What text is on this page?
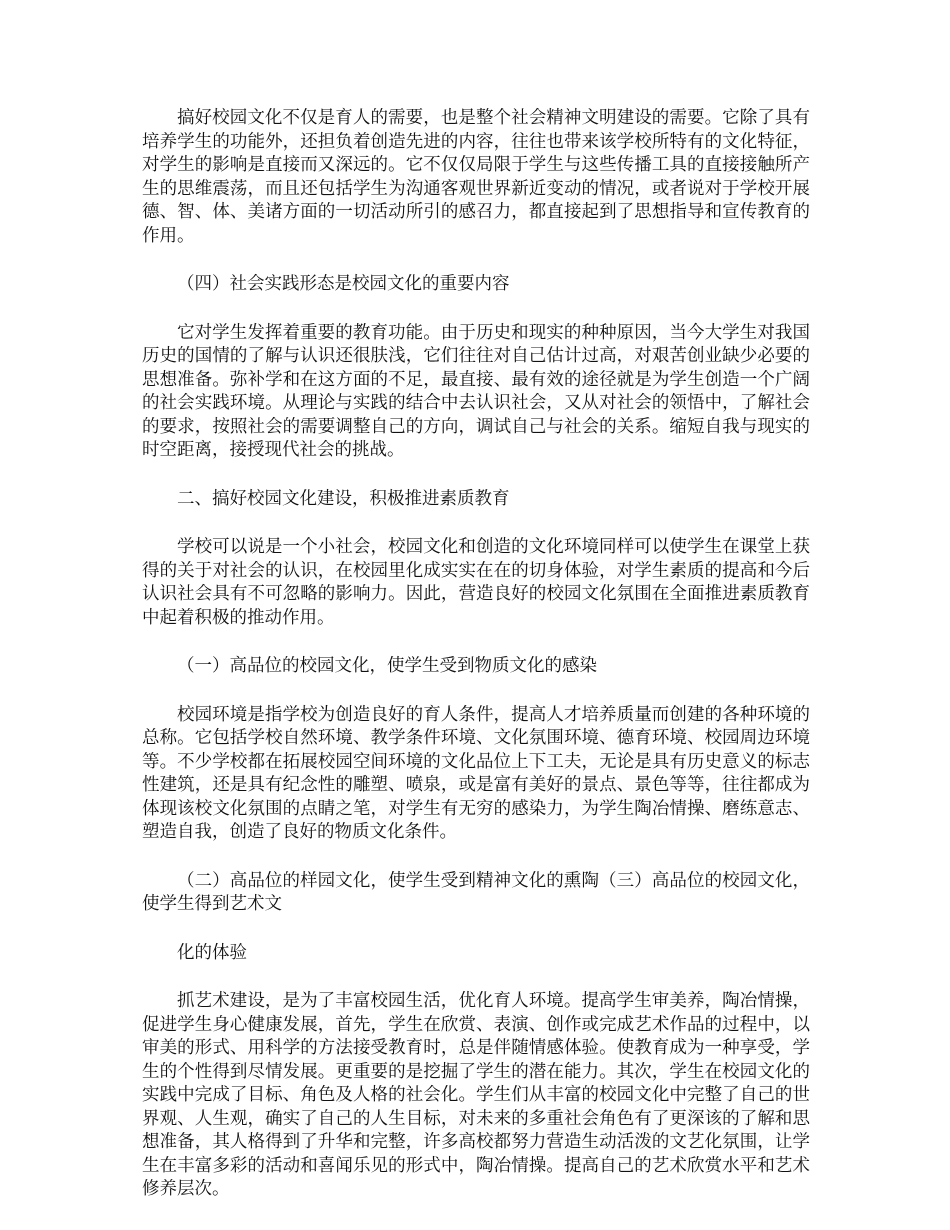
搞好校园文化不仅是育人的需要，也是整个社会精神文明建设的需要。它除了具有培养学生的功能外，还担负着创造先进的内容，往往也带来该学校所特有的文化特征，对学生的影响是直接而又深远的。它不仅仅局限于学生与这些传播工具的直接接触所产生的思维震荡，而且还包括学生为沟通客观世界新近变动的情况，或者说对于学校开展德、智、体、美诸方面的一切活动所引的感召力，都直接起到了思想指导和宣传教育的作用。

（四）社会实践形态是校园文化的重要内容

它对学生发挥着重要的教育功能。由于历史和现实的种种原因，当今大学生对我国历史的国情的了解与认识还很肤浅，它们往往对自己估计过高，对艰苦创业缺少必要的思想准备。弥补学和在这方面的不足，最直接、最有效的途径就是为学生创造一个广阔的社会实践环境。从理论与实践的结合中去认识社会，又从对社会的领悟中，了解社会的要求，按照社会的需要调整自己的方向，调试自己与社会的关系。缩短自我与现实的时空距离，接授现代社会的挑战。

二、搞好校园文化建设，积极推进素质教育

学校可以说是一个小社会，校园文化和创造的文化环境同样可以使学生在课堂上获得的关于对社会的认识，在校园里化成实实在在的切身体验，对学生素质的提高和今后认识社会具有不可忽略的影响力。因此，营造良好的校园文化氛围在全面推进素质教育中起着积极的推动作用。

（一）高品位的校园文化，使学生受到物质文化的感染

校园环境是指学校为创造良好的育人条件，提高人才培养质量而创建的各种环境的总称。它包括学校自然环境、教学条件环境、文化氛围环境、德育环境、校园周边环境等。不少学校都在拓展校园空间环境的文化品位上下工夫，无论是具有历史意义的标志性建筑，还是具有纪念性的雕塑、喷泉，或是富有美好的景点、景色等等，往往都成为体现该校文化氛围的点睛之笔，对学生有无穷的感染力，为学生陶冶情操、磨练意志、塑造自我，创造了良好的物质文化条件。

（二）高品位的样园文化，使学生受到精神文化的熏陶（三）高品位的校园文化，使学生得到艺术文

化的体验

抓艺术建设，是为了丰富校园生活，优化育人环境。提高学生审美养，陶冶情操，促进学生身心健康发展，首先，学生在欣赏、表演、创作或完成艺术作品的过程中，以审美的形式、用科学的方法接受教育时，总是伴随情感体验。使教育成为一种享受，学生的个性得到尽情发展。更重要的是挖掘了学生的潜在能力。其次，学生在校园文化的实践中完成了目标、角色及人格的社会化。学生们从丰富的校园文化中完整了自己的世界观、人生观，确实了自己的人生目标，对未来的多重社会角色有了更深该的了解和思想准备，其人格得到了升华和完整，许多高校都努力营造生动活泼的文艺化氛围，让学生在丰富多彩的活动和喜闻乐见的形式中，陶冶情操。提高自己的艺术欣赏水平和艺术修养层次。
